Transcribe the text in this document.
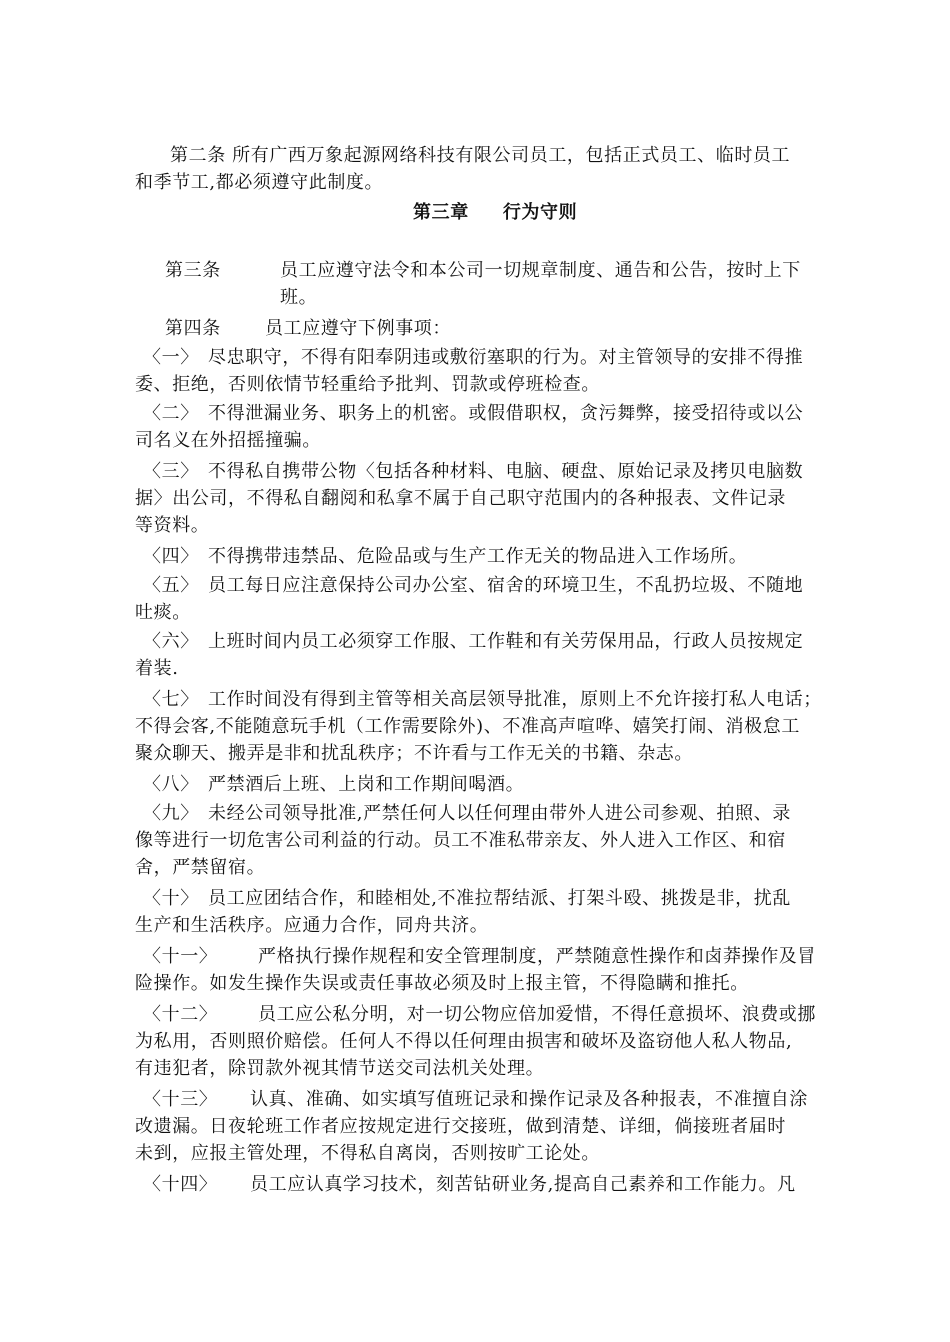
第二条 所有广西万象起源网络科技有限公司员工，包括正式员工、临时员工
和季节工,都必须遵守此制度。
第三章 行为守则
第三条	员工应遵守法令和本公司一切规章制度、通告和公告，按时上下
班。
第四条 员工应遵守下例事项：
〈一〉 尽忠职守，不得有阳奉阴违或敷衍塞职的行为。对主管领导的安排不得推
委、拒绝，否则依情节轻重给予批判、罚款或停班检查。
〈二〉 不得泄漏业务、职务上的机密。或假借职权，贪污舞弊，接受招待或以公
司名义在外招摇撞骗。
〈三〉 不得私自携带公物〈包括各种材料、电脑、硬盘、原始记录及拷贝电脑数
据〉出公司，不得私自翻阅和私拿不属于自己职守范围内的各种报表、文件记录
等资料。
〈四〉 不得携带违禁品、危险品或与生产工作无关的物品进入工作场所。
〈五〉 员工每日应注意保持公司办公室、宿舍的环境卫生，不乱扔垃圾、不随地
吐痰。
〈六〉 上班时间内员工必须穿工作服、工作鞋和有关劳保用品，行政人员按规定
着装.
〈七〉 工作时间没有得到主管等相关高层领导批准，原则上不允许接打私人电话；
不得会客,不能随意玩手机（工作需要除外)、不准高声喧哗、嬉笑打闹、消极怠工
聚众聊天、搬弄是非和扰乱秩序；不许看与工作无关的书籍、杂志。
〈八〉 严禁酒后上班、上岗和工作期间喝酒。
〈九〉 未经公司领导批准,严禁任何人以任何理由带外人进公司参观、拍照、录
像等进行一切危害公司利益的行动。员工不准私带亲友、外人进入工作区、和宿
舍，严禁留宿。
〈十〉 员工应团结合作，和睦相处,不准拉帮结派、打架斗殴、挑拨是非，扰乱
生产和生活秩序。应通力合作，同舟共济。
〈十一〉 严格执行操作规程和安全管理制度，严禁随意性操作和卤莽操作及冒
险操作。如发生操作失误或责任事故必须及时上报主管，不得隐瞒和推托。
〈十二〉 员工应公私分明，对一切公物应倍加爱惜，不得任意损坏、浪费或挪
为私用，否则照价赔偿。任何人不得以任何理由损害和破坏及盗窃他人私人物品,
有违犯者，除罚款外视其情节送交司法机关处理。
〈十三〉 认真、准确、如实填写值班记录和操作记录及各种报表，不准擅自涂
改遗漏。日夜轮班工作者应按规定进行交接班，做到清楚、详细，倘接班者届时
未到，应报主管处理，不得私自离岗，否则按旷工论处。
〈十四〉 员工应认真学习技术，刻苦钻研业务,提高自己素养和工作能力。凡
